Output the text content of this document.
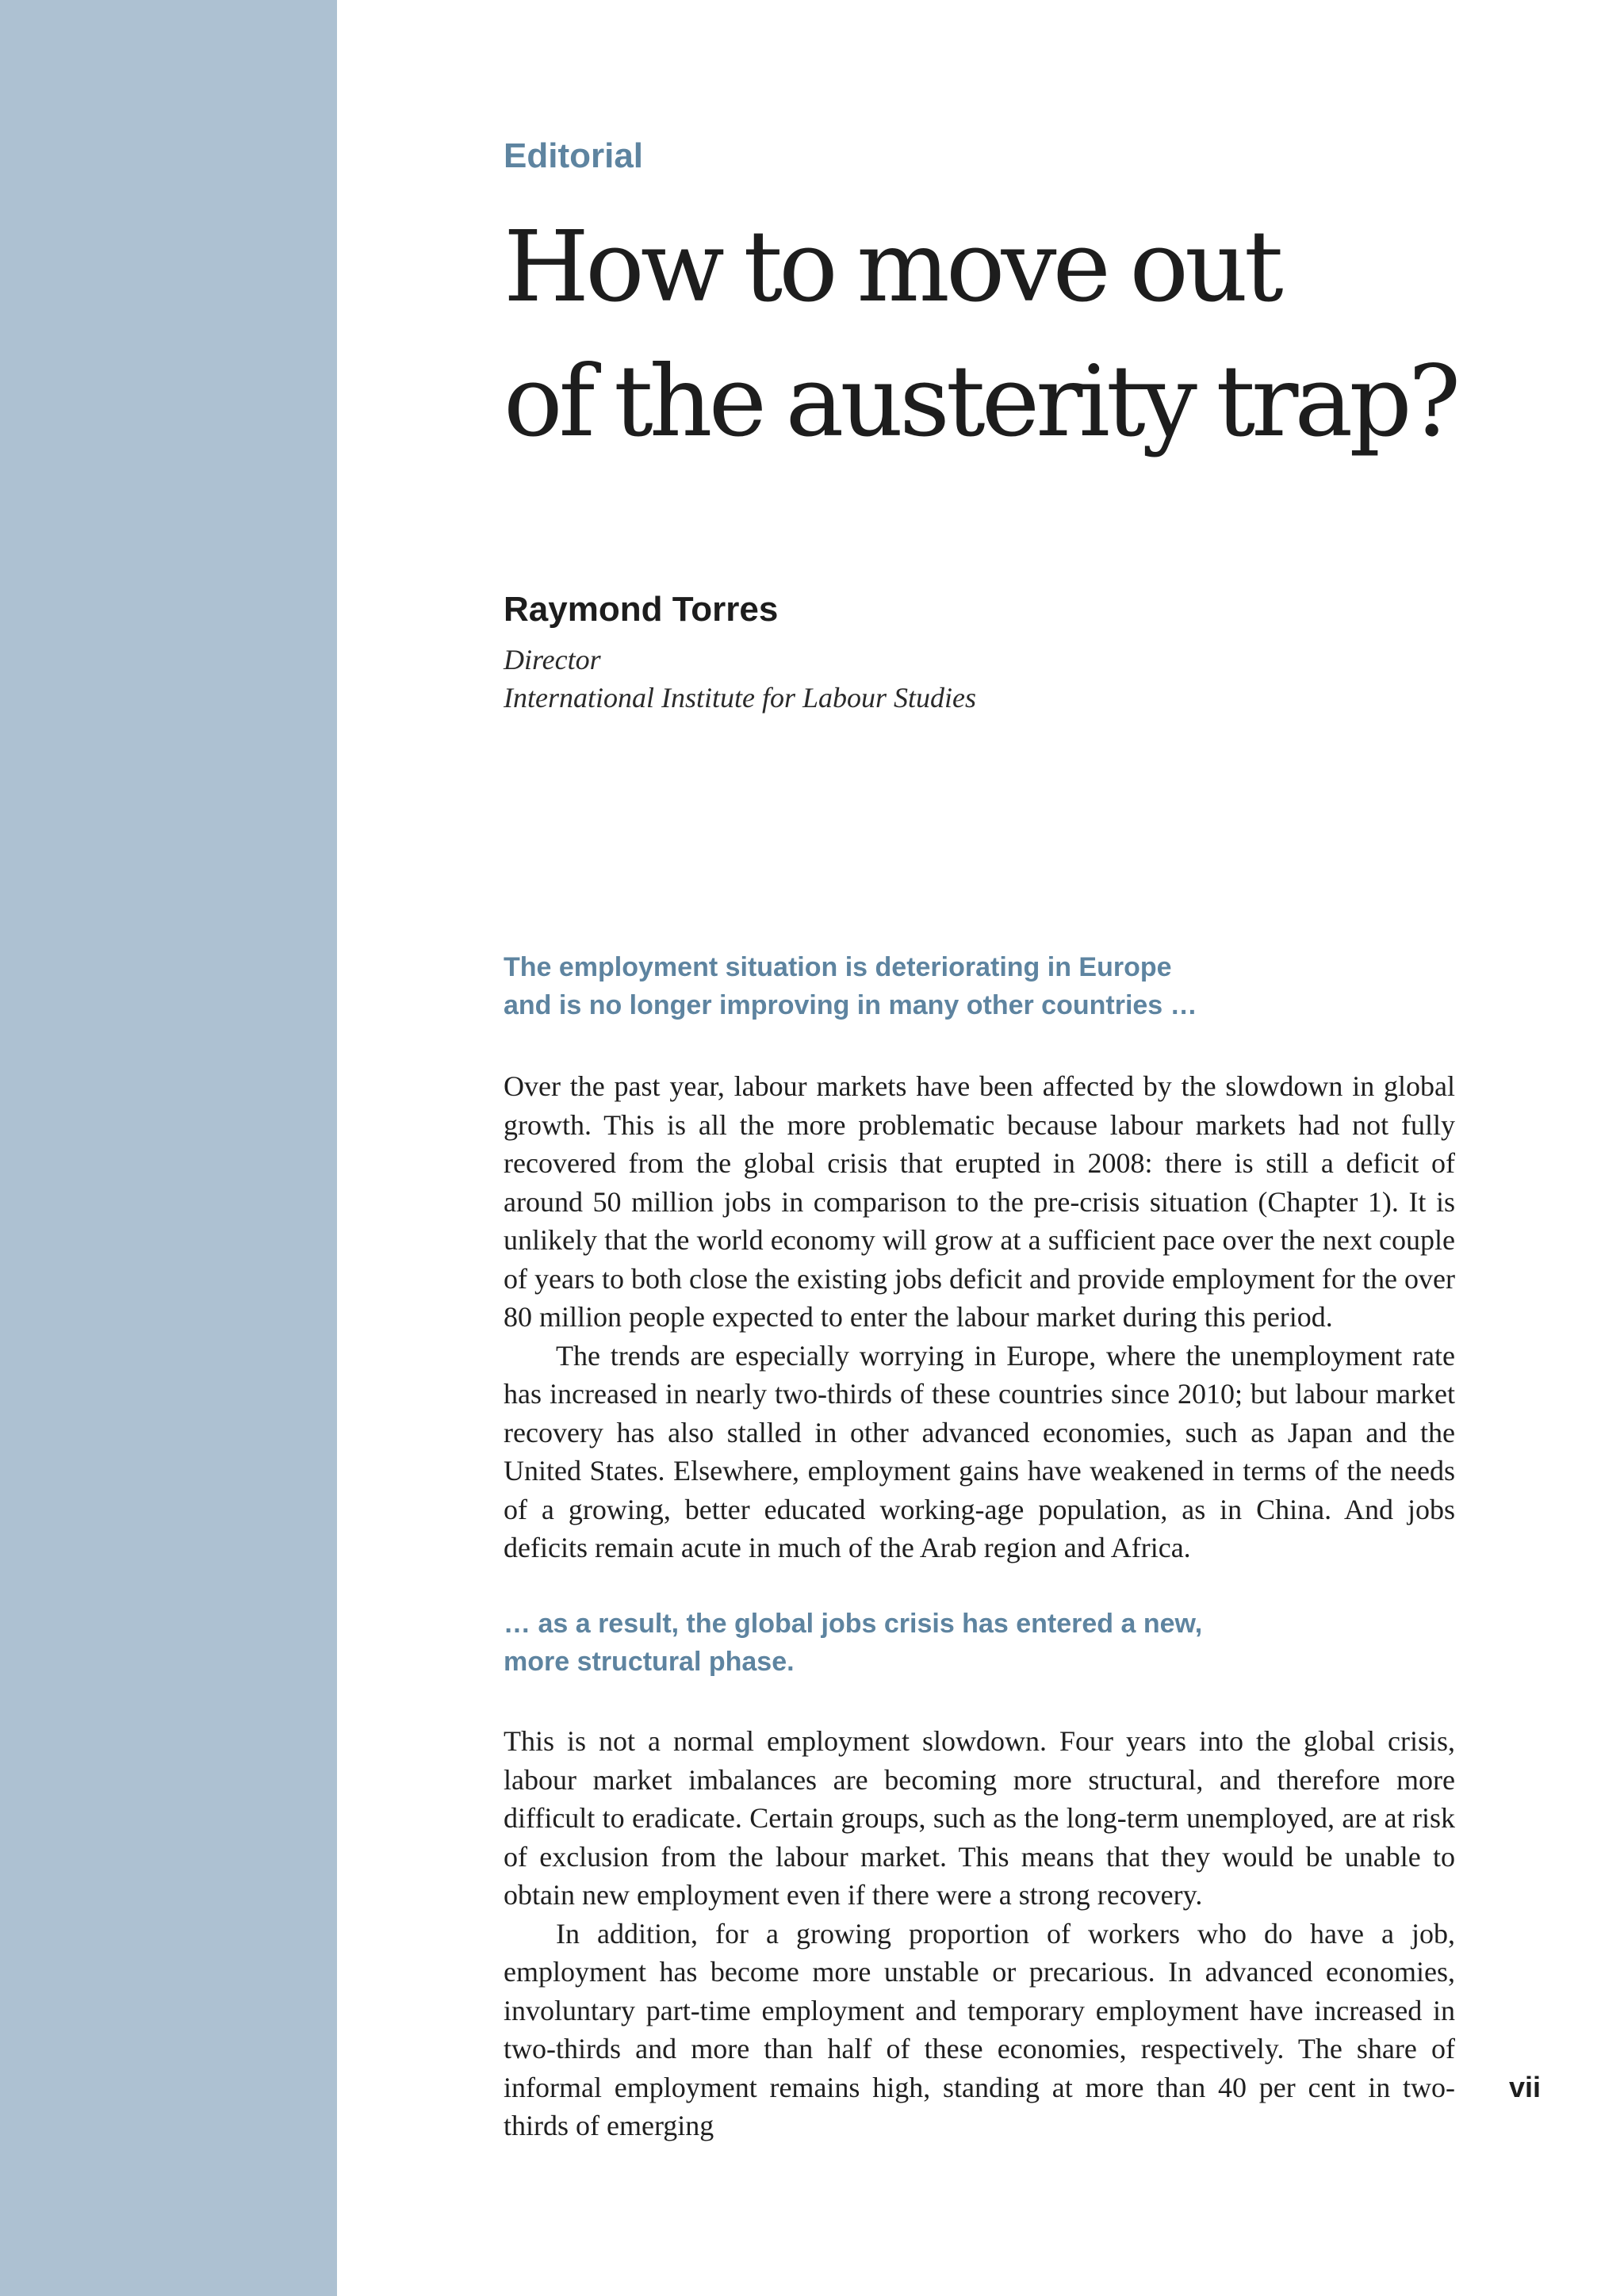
Editorial
How to move out
of the austerity trap?
Raymond Torres
Director
International Institute for Labour Studies
The employment situation is deteriorating in Europe
and is no longer improving in many other countries …

Over the past year, labour markets have been affected by the slowdown in global growth. This is all the more problematic because labour markets had not fully recovered from the global crisis that erupted in 2008: there is still a deficit of around 50 million jobs in comparison to the pre-crisis situation (Chapter 1). It is unlikely that the world economy will grow at a sufficient pace over the next couple of years to both close the existing jobs deficit and provide employment for the over 80 million people expected to enter the labour market during this period.

The trends are especially worrying in Europe, where the unemployment rate has increased in nearly two-thirds of these countries since 2010; but labour market recovery has also stalled in other advanced economies, such as Japan and the United States. Elsewhere, employment gains have weakened in terms of the needs of a growing, better educated working-age population, as in China. And jobs deficits remain acute in much of the Arab region and Africa.

… as a result, the global jobs crisis has entered a new,
more structural phase.

This is not a normal employment slowdown. Four years into the global crisis, labour market imbalances are becoming more structural, and therefore more difficult to eradicate. Certain groups, such as the long-term unemployed, are at risk of exclusion from the labour market. This means that they would be unable to obtain new employment even if there were a strong recovery.

In addition, for a growing proportion of workers who do have a job, employment has become more unstable or precarious. In advanced economies, involuntary part-time employment and temporary employment have increased in two-thirds and more than half of these economies, respectively. The share of informal employment remains high, standing at more than 40 per cent in two-thirds of emerging

vii
